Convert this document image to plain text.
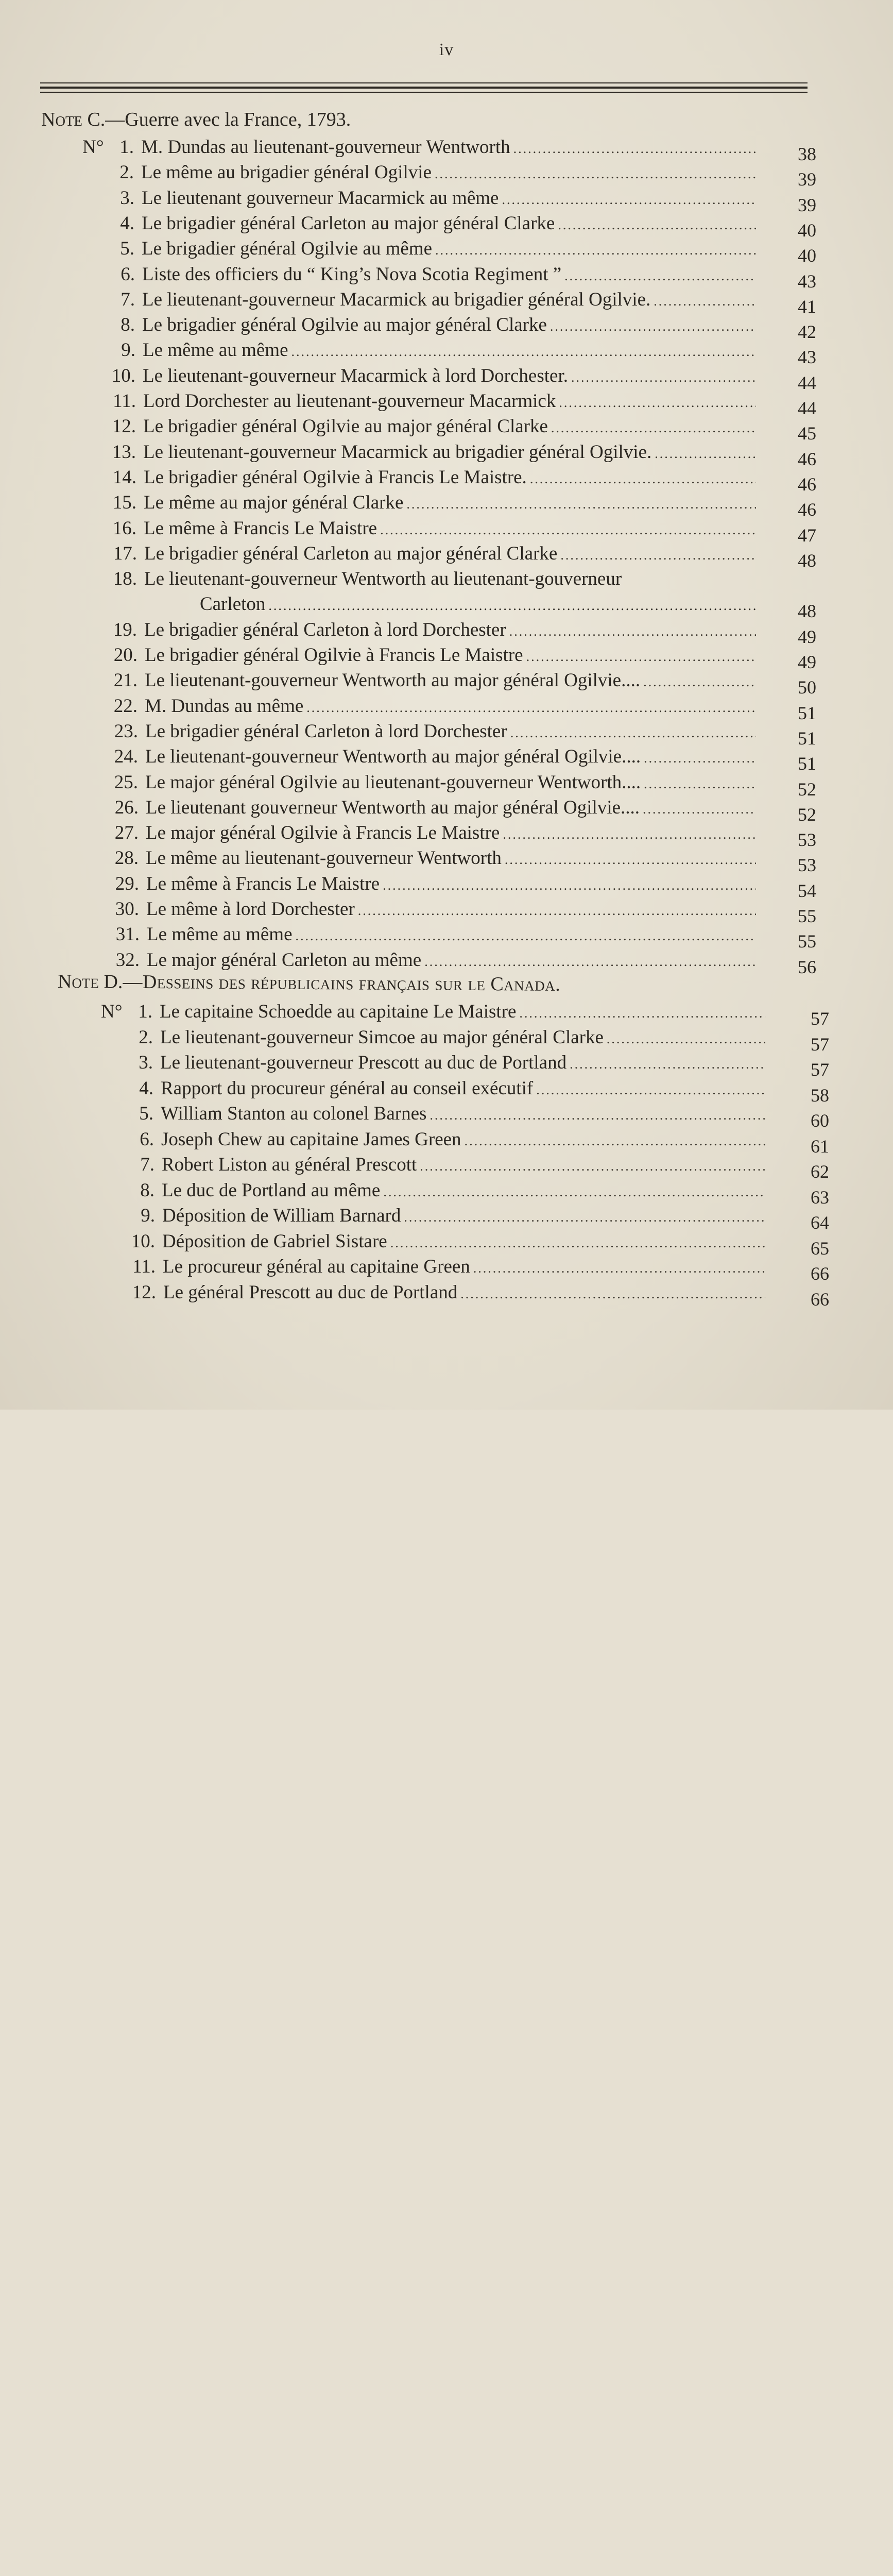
iv
Note C.—Guerre avec la France, 1793.
N° 1. M. Dundas au lieutenant-gouverneur Wentworth .....	38
2. Le même au brigadier général Ogilvie .....	39
3. Le lieutenant gouverneur Macarmick au même .....	39
4. Le brigadier général Carleton au major général Clarke .....	40
5. Le brigadier général Ogilvie au même .....	40
6. Liste des officiers du “ King’s Nova Scotia Regiment ” .....	43
7. Le lieutenant-gouverneur Macarmick au brigadier général Ogilvie. .....	41
8. Le brigadier général Ogilvie au major général Clarke .....	42
9. Le même au même .....	43
10. Le lieutenant-gouverneur Macarmick à lord Dorchester. .....	44
11. Lord Dorchester au lieutenant-gouverneur Macarmick .....	44
12. Le brigadier général Ogilvie au major général Clarke .....	45
13. Le lieutenant-gouverneur Macarmick au brigadier général Ogilvie. .....	46
14. Le brigadier général Ogilvie à Francis Le Maistre. .....	46
15. Le même au major général Clarke .....	46
16. Le même à Francis Le Maistre .....	47
17. Le brigadier général Carleton au major général Clarke .....	48
18. Le lieutenant-gouverneur Wentworth au lieutenant-gouverneur
Carleton .....	48
19. Le brigadier général Carleton à lord Dorchester .....	49
20. Le brigadier général Ogilvie à Francis Le Maistre .....	49
21. Le lieutenant-gouverneur Wentworth au major général Ogilvie.... .....	50
22. M. Dundas au même .....	51
23. Le brigadier général Carleton à lord Dorchester .....	51
24. Le lieutenant-gouverneur Wentworth au major général Ogilvie.... .....	51
25. Le major général Ogilvie au lieutenant-gouverneur Wentworth.... .....	52
26. Le lieutenant gouverneur Wentworth au major général Ogilvie.... .....	52
27. Le major général Ogilvie à Francis Le Maistre .....	53
28. Le même au lieutenant-gouverneur Wentworth .....	53
29. Le même à Francis Le Maistre .....	54
30. Le même à lord Dorchester .....	55
31. Le même au même .....	55
32. Le major général Carleton au même .....	56
Note D.—Desseins des républicains français sur le Canada.
N° 1. Le capitaine Schoedde au capitaine Le Maistre .....	57
2. Le lieutenant-gouverneur Simcoe au major général Clarke .....	57
3. Le lieutenant-gouverneur Prescott au duc de Portland .....	57
4. Rapport du procureur général au conseil exécutif .....	58
5. William Stanton au colonel Barnes .....	60
6. Joseph Chew au capitaine James Green .....	61
7. Robert Liston au général Prescott .....	62
8. Le duc de Portland au même .....	63
9. Déposition de William Barnard .....	64
10. Déposition de Gabriel Sistare .....	65
11. Le procureur général au capitaine Green .....	66
12. Le général Prescott au duc de Portland .....	66
